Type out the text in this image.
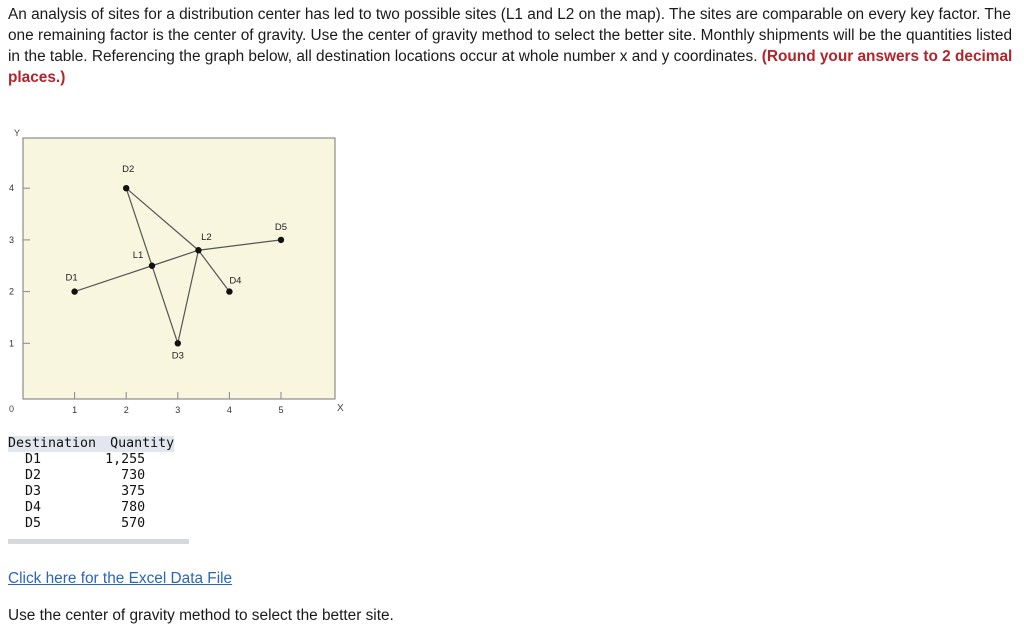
An analysis of sites for a distribution center has led to two possible sites (L1 and L2 on the map). The sites are comparable on every key factor. The one remaining factor is the center of gravity. Use the center of gravity method to select the better site. Monthly shipments will be the quantities listed in the table. Referencing the graph below, all destination locations occur at whole number x and y coordinates. (Round your answers to 2 decimal places.)

Y
X
0	1	2	3	4	5
1
2
3
4
D1
D2
D3
D4
D5
L1
L2
Destination	Quantity
D1	1,255
D2	730
D3	375
D4	780
D5	570
Click here for the Excel Data File

Use the center of gravity method to select the better site.
